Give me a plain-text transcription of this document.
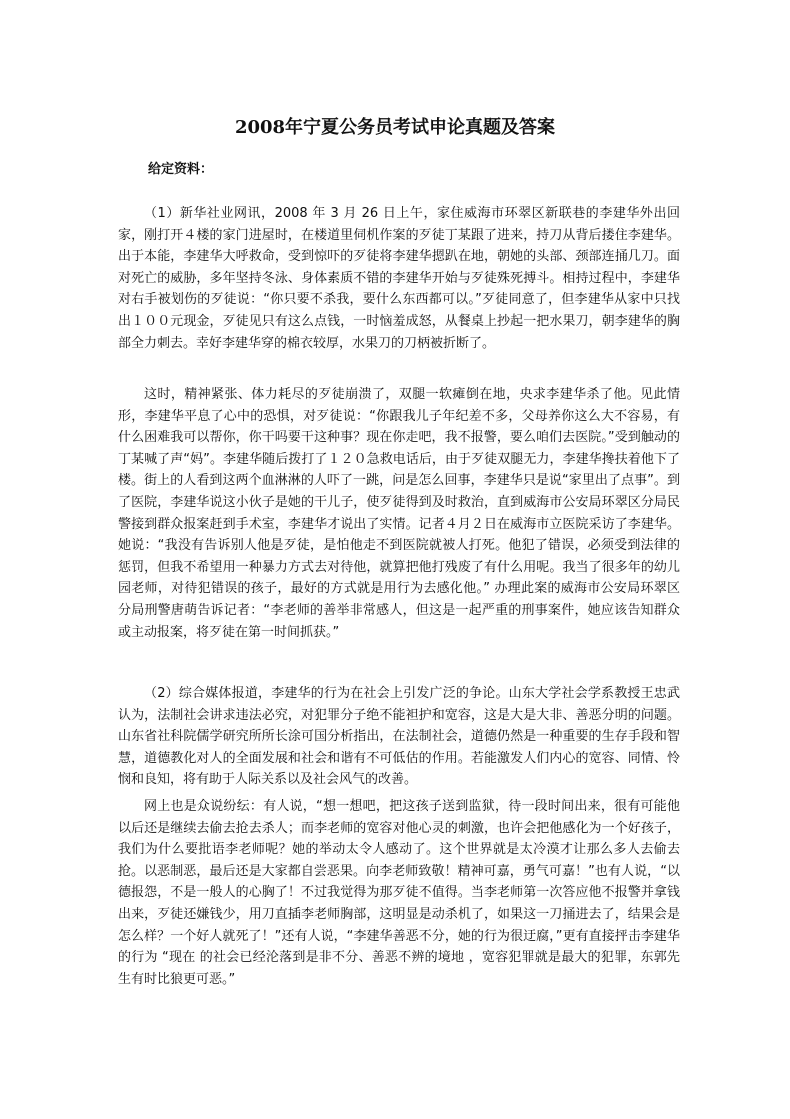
2008年宁夏公务员考试申论真题及答案
给定资料：

（1）新华社业网讯，2008 年 3 月 26 日上午，家住威海市环翠区新联巷的李建华外出回家，刚打开４楼的家门进屋时，在楼道里伺机作案的歹徒丁某跟了进来，持刀从背后搂住李建华。出于本能，李建华大呼救命，受到惊吓的歹徒将李建华摁趴在地，朝她的头部、颈部连捅几刀。面对死亡的威胁，多年坚持冬泳、身体素质不错的李建华开始与歹徒殊死搏斗。相持过程中，李建华对右手被划伤的歹徒说：“你只要不杀我，要什么东西都可以。”歹徒同意了，但李建华从家中只找出１００元现金，歹徒见只有这么点钱，一时恼羞成怒，从餐桌上抄起一把水果刀，朝李建华的胸部全力刺去。幸好李建华穿的棉衣较厚，水果刀的刀柄被折断了。

这时，精神紧张、体力耗尽的歹徒崩溃了，双腿一软瘫倒在地，央求李建华杀了他。见此情形，李建华平息了心中的恐惧，对歹徒说：“你跟我儿子年纪差不多，父母养你这么大不容易，有什么困难我可以帮你，你干吗要干这种事？现在你走吧，我不报警，要么咱们去医院。”受到触动的丁某喊了声“妈”。李建华随后拨打了１２０急救电话后，由于歹徒双腿无力，李建华搀扶着他下了楼。街上的人看到这两个血淋淋的人吓了一跳，问是怎么回事，李建华只是说“家里出了点事”。到了医院，李建华说这小伙子是她的干儿子，使歹徒得到及时救治，直到威海市公安局环翠区分局民警接到群众报案赶到手术室，李建华才说出了实情。记者４月２日在威海市立医院采访了李建华。她说：“我没有告诉别人他是歹徒，是怕他走不到医院就被人打死。他犯了错误，必须受到法律的惩罚，但我不希望用一种暴力方式去对待他，就算把他打残废了有什么用呢。我当了很多年的幼儿园老师，对待犯错误的孩子，最好的方式就是用行为去感化他。” 办理此案的威海市公安局环翠区分局刑警唐萌告诉记者：“李老师的善举非常感人，但这是一起严重的刑事案件，她应该告知群众或主动报案，将歹徒在第一时间抓获。”

（2）综合媒体报道，李建华的行为在社会上引发广泛的争论。山东大学社会学系教授王忠武认为，法制社会讲求违法必究，对犯罪分子绝不能袒护和宽容，这是大是大非、善恶分明的问题。山东省社科院儒学研究所所长涂可国分析指出，在法制社会，道德仍然是一种重要的生存手段和智慧，道德教化对人的全面发展和社会和谐有不可低估的作用。若能激发人们内心的宽容、同情、怜悯和良知，将有助于人际关系以及社会风气的改善。

网上也是众说纷纭：有人说，“想一想吧，把这孩子送到监狱，待一段时间出来，很有可能他以后还是继续去偷去抢去杀人；而李老师的宽容对他心灵的刺激，也许会把他感化为一个好孩子，我们为什么要批语李老师呢？她的举动太令人感动了。这个世界就是太冷漠才让那么多人去偷去抢。以恶制恶，最后还是大家都自尝恶果。向李老师致敬！精神可嘉，勇气可嘉！”也有人说，“以德报怨，不是一般人的心胸了！不过我觉得为那歹徒不值得。当李老师第一次答应他不报警并拿钱出来，歹徒还嫌钱少，用刀直插李老师胸部，这明显是动杀机了，如果这一刀捅进去了，结果会是怎么样？一个好人就死了！”还有人说，“李建华善恶不分，她的行为很迂腐，”更有直接抨击李建华的行为 “现在 的社会已经沦落到是非不分、善恶不辨的境地 ，宽容犯罪就是最大的犯罪，东郭先生有时比狼更可恶。”
